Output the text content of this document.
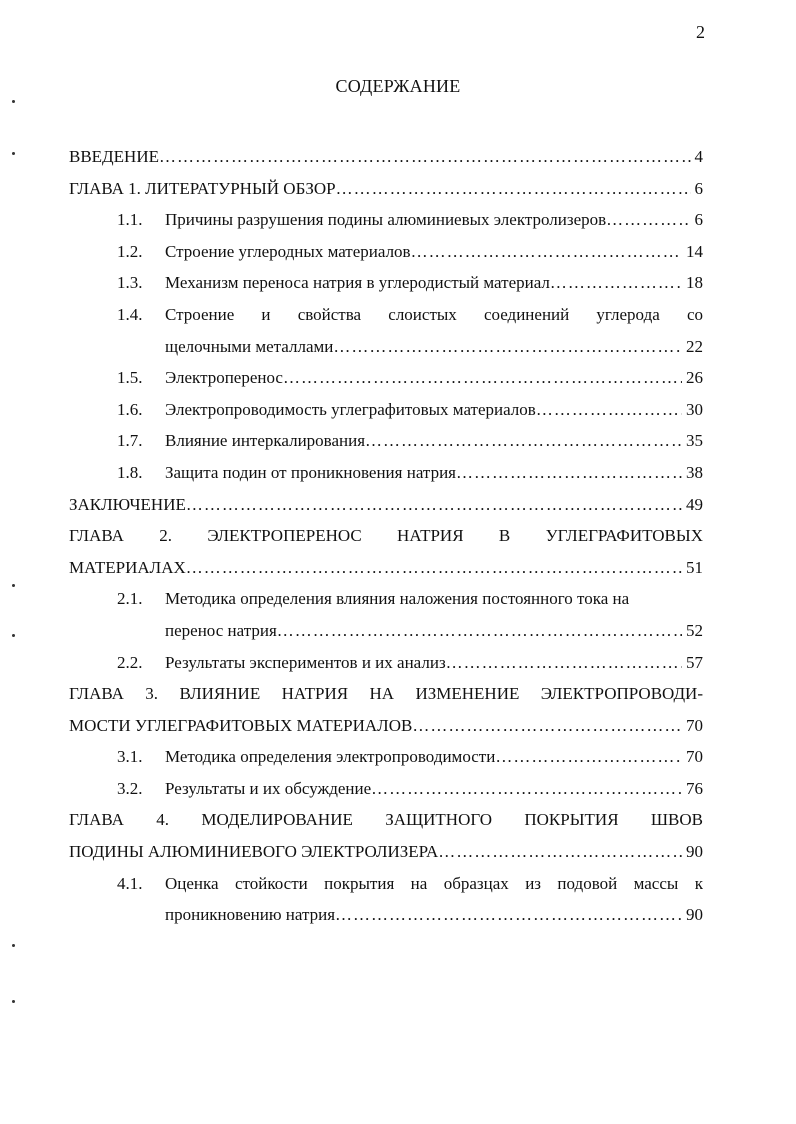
2
СОДЕРЖАНИЕ
ВВЕДЕНИЕ ………………………………………………………………………………………………………………………………………………………………	4
ГЛАВА 1. ЛИТЕРАТУРНЫЙ ОБЗОР ………………………………………………………………………………………………………………………………………………………………	6
1.1.	Причины разрушения подины алюминиевых электролизеров ………………………………………………………………………………………………………………………………………………………………	6
1.2.	Строение углеродных материалов ………………………………………………………………………………………………………………………………………………………………	14
1.3.	Механизм переноса натрия в углеродистый материал ………………………………………………………………………………………………………………………………………………………………	18
1.4.	Строение и свойства слоистых соединений углерода со
щелочными металлами ………………………………………………………………………………………………………………………………………………………………	22
1.5.	Электроперенос ………………………………………………………………………………………………………………………………………………………………	26
1.6.	Электропроводимость углеграфитовых материалов ………………………………………………………………………………………………………………………………………………………………	30
1.7.	Влияние интеркалирования ………………………………………………………………………………………………………………………………………………………………	35
1.8.	Защита подин от проникновения натрия ………………………………………………………………………………………………………………………………………………………………	38
ЗАКЛЮЧЕНИЕ ………………………………………………………………………………………………………………………………………………………………	49
ГЛАВА 2. ЭЛЕКТРОПЕРЕНОС НАТРИЯ В УГЛЕГРАФИТОВЫХ
МАТЕРИАЛАХ ………………………………………………………………………………………………………………………………………………………………	51
2.1.	Методика определения влияния наложения постоянного тока на
перенос натрия ………………………………………………………………………………………………………………………………………………………………	52
2.2.	Результаты экспериментов и их анализ ………………………………………………………………………………………………………………………………………………………………	57
ГЛАВА 3. ВЛИЯНИЕ НАТРИЯ НА ИЗМЕНЕНИЕ ЭЛЕКТРОПРОВОДИ-
МОСТИ УГЛЕГРАФИТОВЫХ МАТЕРИАЛОВ ………………………………………………………………………………………………………………………………………………………………	70
3.1.	Методика определения электропроводимости ………………………………………………………………………………………………………………………………………………………………	70
3.2.	Результаты и их обсуждение ………………………………………………………………………………………………………………………………………………………………	76
ГЛАВА 4. МОДЕЛИРОВАНИЕ ЗАЩИТНОГО ПОКРЫТИЯ ШВОВ
ПОДИНЫ АЛЮМИНИЕВОГО ЭЛЕКТРОЛИЗЕРА ………………………………………………………………………………………………………………………………………………………………	90
4.1.	Оценка стойкости покрытия на образцах из подовой массы к
проникновению натрия ………………………………………………………………………………………………………………………………………………………………	90
